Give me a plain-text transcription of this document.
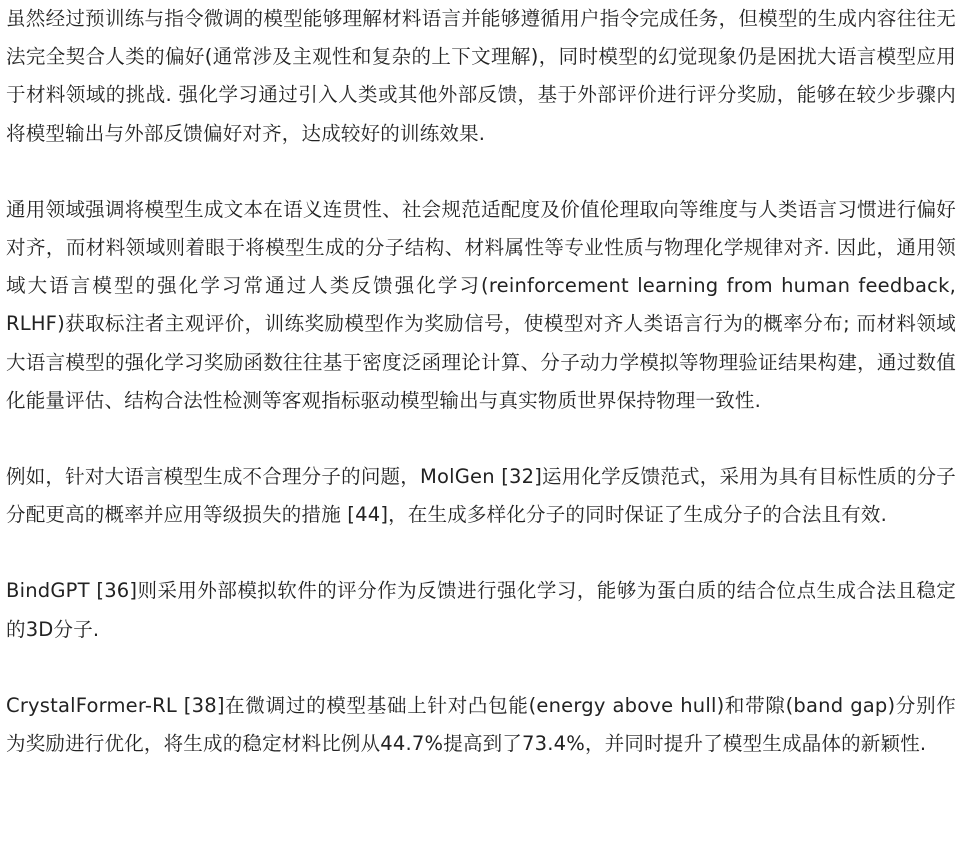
虽然经过预训练与指令微调的模型能够理解材料语言并能够遵循用户指令完成任务，但模型的生成内容往往无法完全契合人类的偏好(通常涉及主观性和复杂的上下文理解)，同时模型的幻觉现象仍是困扰大语言模型应用于材料领域的挑战. 强化学习通过引入人类或其他外部反馈，基于外部评价进行评分奖励，能够在较少步骤内将模型输出与外部反馈偏好对齐，达成较好的训练效果.

通用领域强调将模型生成文本在语义连贯性、社会规范适配度及价值伦理取向等维度与人类语言习惯进行偏好对齐，而材料领域则着眼于将模型生成的分子结构、材料属性等专业性质与物理化学规律对齐. 因此，通用领域大语言模型的强化学习常通过人类反馈强化学习(reinforcement learning from human feedback, RLHF)获取标注者主观评价，训练奖励模型作为奖励信号，使模型对齐人类语言行为的概率分布; 而材料领域大语言模型的强化学习奖励函数往往基于密度泛函理论计算、分子动力学模拟等物理验证结果构建，通过数值化能量评估、结构合法性检测等客观指标驱动模型输出与真实物质世界保持物理一致性.

例如，针对大语言模型生成不合理分子的问题，MolGen [32]运用化学反馈范式，采用为具有目标性质的分子分配更高的概率并应用等级损失的措施 [44]，在生成多样化分子的同时保证了生成分子的合法且有效.

BindGPT [36]则采用外部模拟软件的评分作为反馈进行强化学习，能够为蛋白质的结合位点生成合法且稳定的3D分子.

CrystalFormer-RL [38]在微调过的模型基础上针对凸包能(energy above hull)和带隙(band gap)分别作为奖励进行优化，将生成的稳定材料比例从44.7%提高到了73.4%，并同时提升了模型生成晶体的新颖性.
